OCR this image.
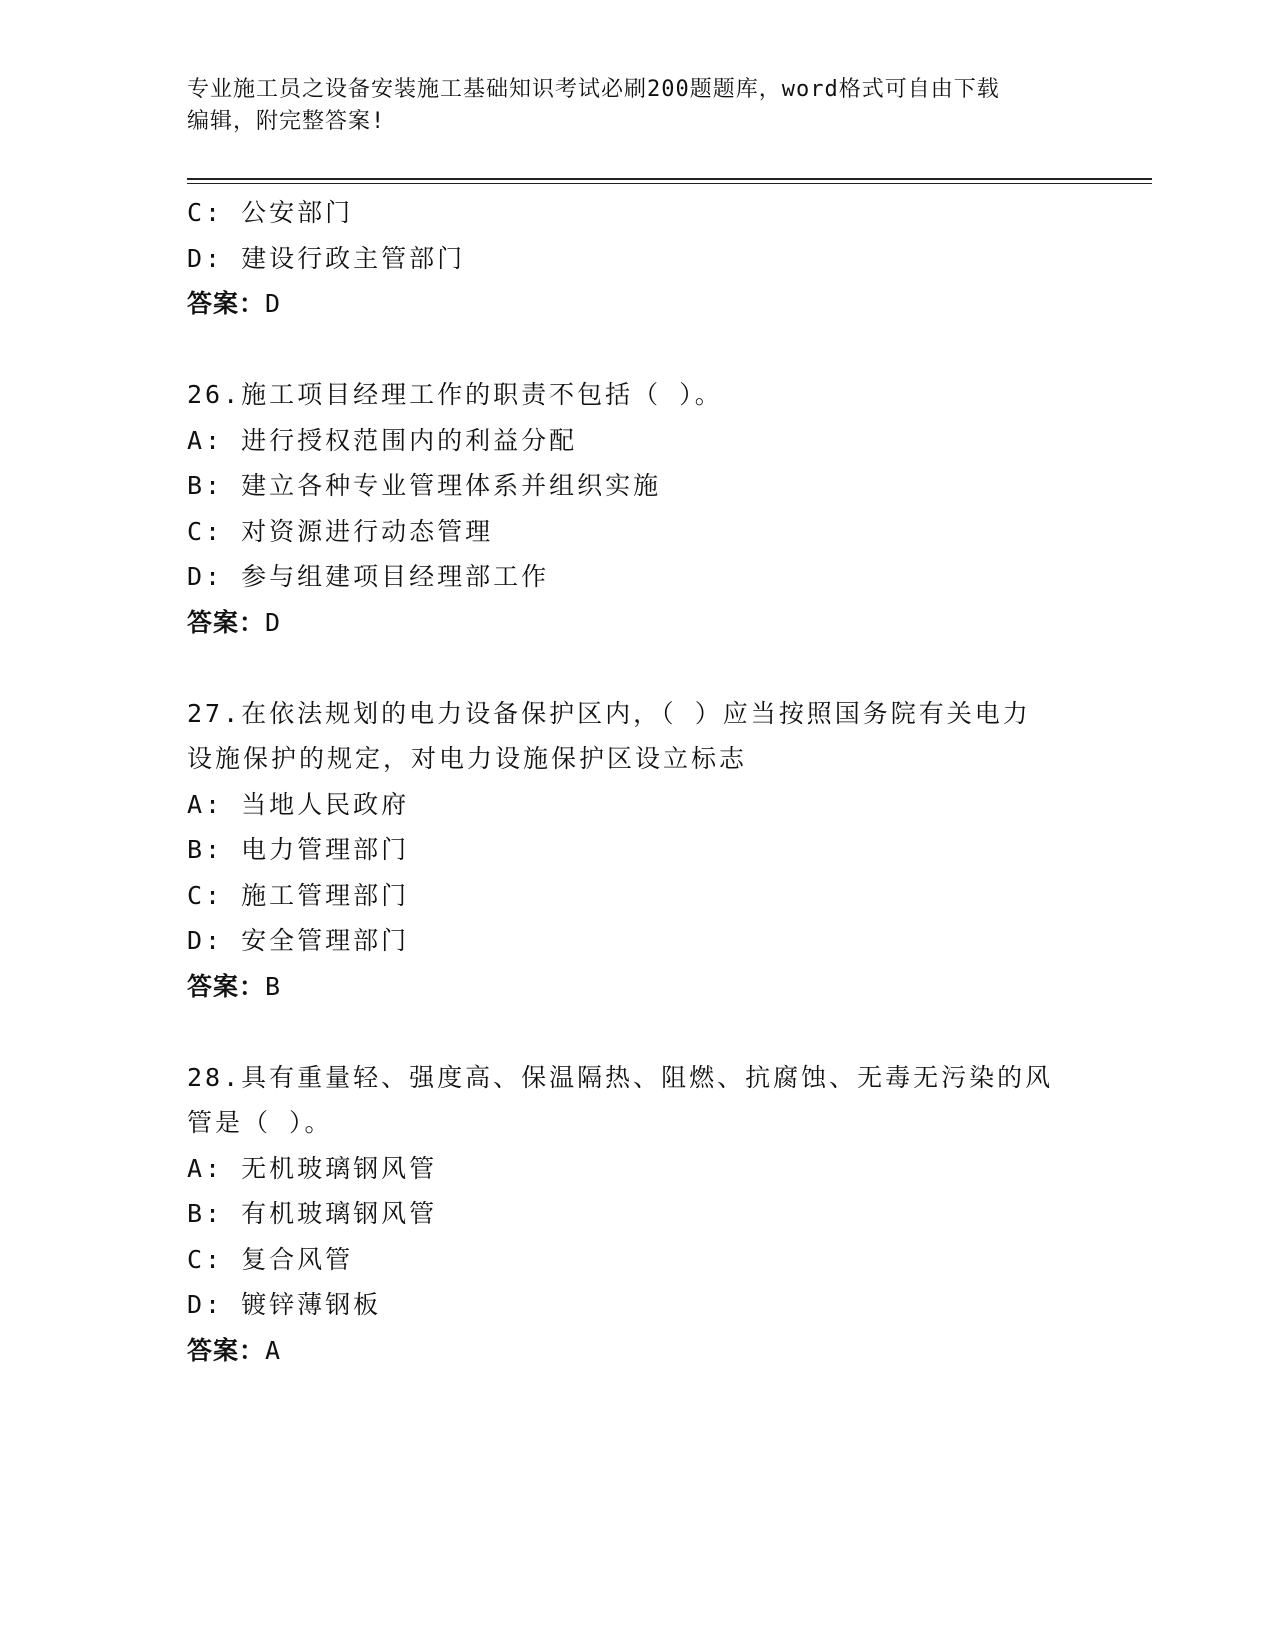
专业施工员之设备安装施工基础知识考试必刷200题题库，word格式可自由下载
编辑，附完整答案!
C: 公安部门
D: 建设行政主管部门
答案：D
26.施工项目经理工作的职责不包括（ ）。
A: 进行授权范围内的利益分配
B: 建立各种专业管理体系并组织实施
C: 对资源进行动态管理
D: 参与组建项目经理部工作
答案：D
27.在依法规划的电力设备保护区内，（ ）应当按照国务院有关电力
设施保护的规定，对电力设施保护区设立标志
A: 当地人民政府
B: 电力管理部门
C: 施工管理部门
D: 安全管理部门
答案：B
28.具有重量轻、强度高、保温隔热、阻燃、抗腐蚀、无毒无污染的风
管是（ ）。
A: 无机玻璃钢风管
B: 有机玻璃钢风管
C: 复合风管
D: 镀锌薄钢板
答案：A
